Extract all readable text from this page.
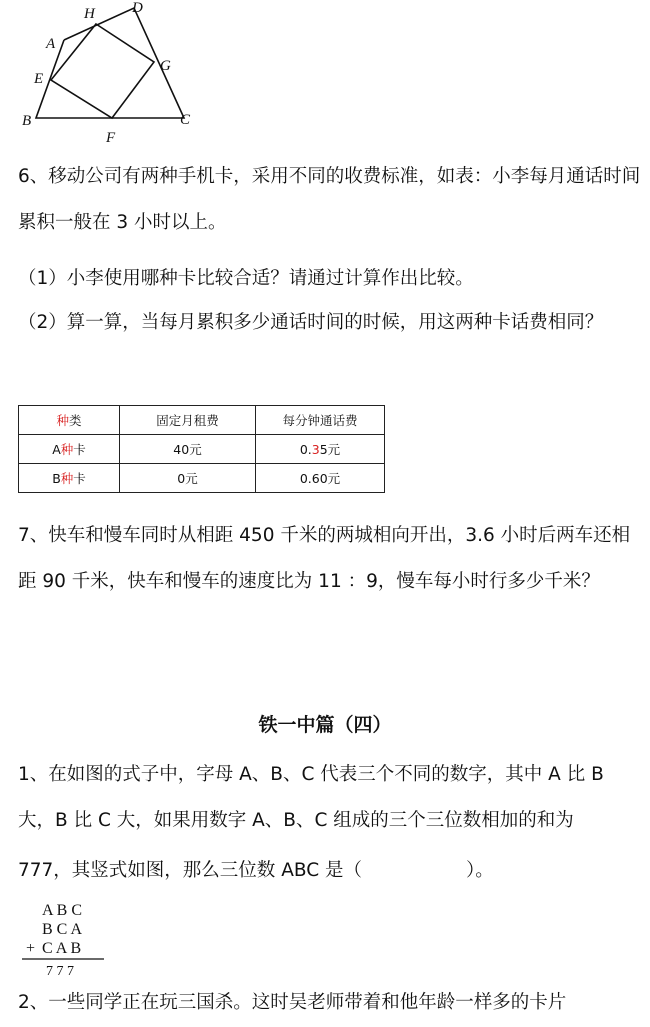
H D
A
E
G
B
F
C

6、移动公司有两种手机卡，采用不同的收费标准，如表：小李每月通话时间累积一般在 3 小时以上。

（1）小李使用哪种卡比较合适？请通过计算作出比较。

（2）算一算，当每月累积多少通话时间的时候，用这两种卡话费相同？

种类	固定月租费	每分钟通话费
A种卡	40元	0.35元
B种卡	0元	0.60元

7、快车和慢车同时从相距 450 千米的两城相向开出，3.6 小时后两车还相距 90 千米，快车和慢车的速度比为 11 ：9，慢车每小时行多少千米？

铁一中篇（四）

1、在如图的式子中，字母 A、B、C 代表三个不同的数字，其中 A 比 B 大，B 比 C 大，如果用数字 A、B、C 组成的三个三位数相加的和为

777，其竖式如图，那么三位数 ABC 是（	）。

A B C
B C A
+ C A B
7 7 7

2、一些同学正在玩三国杀。这时吴老师带着和他年龄一样多的卡片
